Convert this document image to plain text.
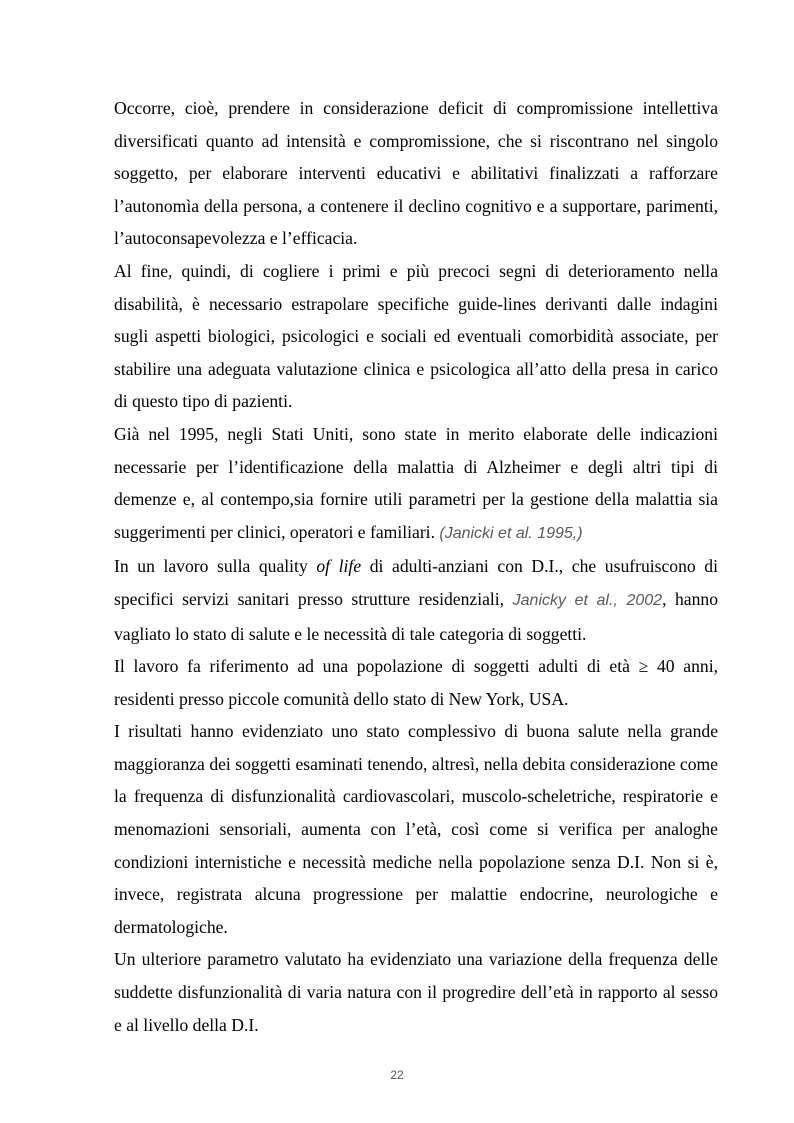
Occorre, cioè, prendere in considerazione deficit di compromissione intellettiva diversificati quanto ad intensità e compromissione, che si riscontrano nel singolo soggetto, per elaborare interventi educativi e abilitativi finalizzati a rafforzare l’autonomìa della persona, a contenere il declino cognitivo e a supportare, parimenti, l’autoconsapevolezza e l’efficacia.

Al fine, quindi, di cogliere i primi e più precoci segni di deterioramento nella disabilità, è necessario estrapolare specifiche guide-lines derivanti dalle indagini sugli aspetti biologici, psicologici e sociali ed eventuali comorbidità associate, per stabilire una adeguata valutazione clinica e psicologica all’atto della presa in carico di questo tipo di pazienti.

Già nel 1995, negli Stati Uniti, sono state in merito elaborate delle indicazioni necessarie per l’identificazione della malattia di Alzheimer e degli altri tipi di demenze e, al contempo,sia fornire utili parametri per la gestione della malattia sia suggerimenti per clinici, operatori e familiari. (Janicki et al. 1995,)

In un lavoro sulla quality of life di adulti-anziani con D.I., che usufruiscono di specifici servizi sanitari presso strutture residenziali, Janicky et al., 2002, hanno vagliato lo stato di salute e le necessità di tale categoria di soggetti.

Il lavoro fa riferimento ad una popolazione di soggetti adulti di età ≥ 40 anni, residenti presso piccole comunità dello stato di New York, USA.

I risultati hanno evidenziato uno stato complessivo di buona salute nella grande maggioranza dei soggetti esaminati tenendo, altresì, nella debita considerazione come la frequenza di disfunzionalità cardiovascolari, muscolo-scheletriche, respiratorie e menomazioni sensoriali, aumenta con l’età, così come si verifica per analoghe condizioni internistiche e necessità mediche nella popolazione senza D.I. Non si è, invece, registrata alcuna progressione per malattie endocrine, neurologiche e dermatologiche.

Un ulteriore parametro valutato ha evidenziato una variazione della frequenza delle suddette disfunzionalità di varia natura con il progredire dell’età in rapporto al sesso e al livello della D.I.

22
